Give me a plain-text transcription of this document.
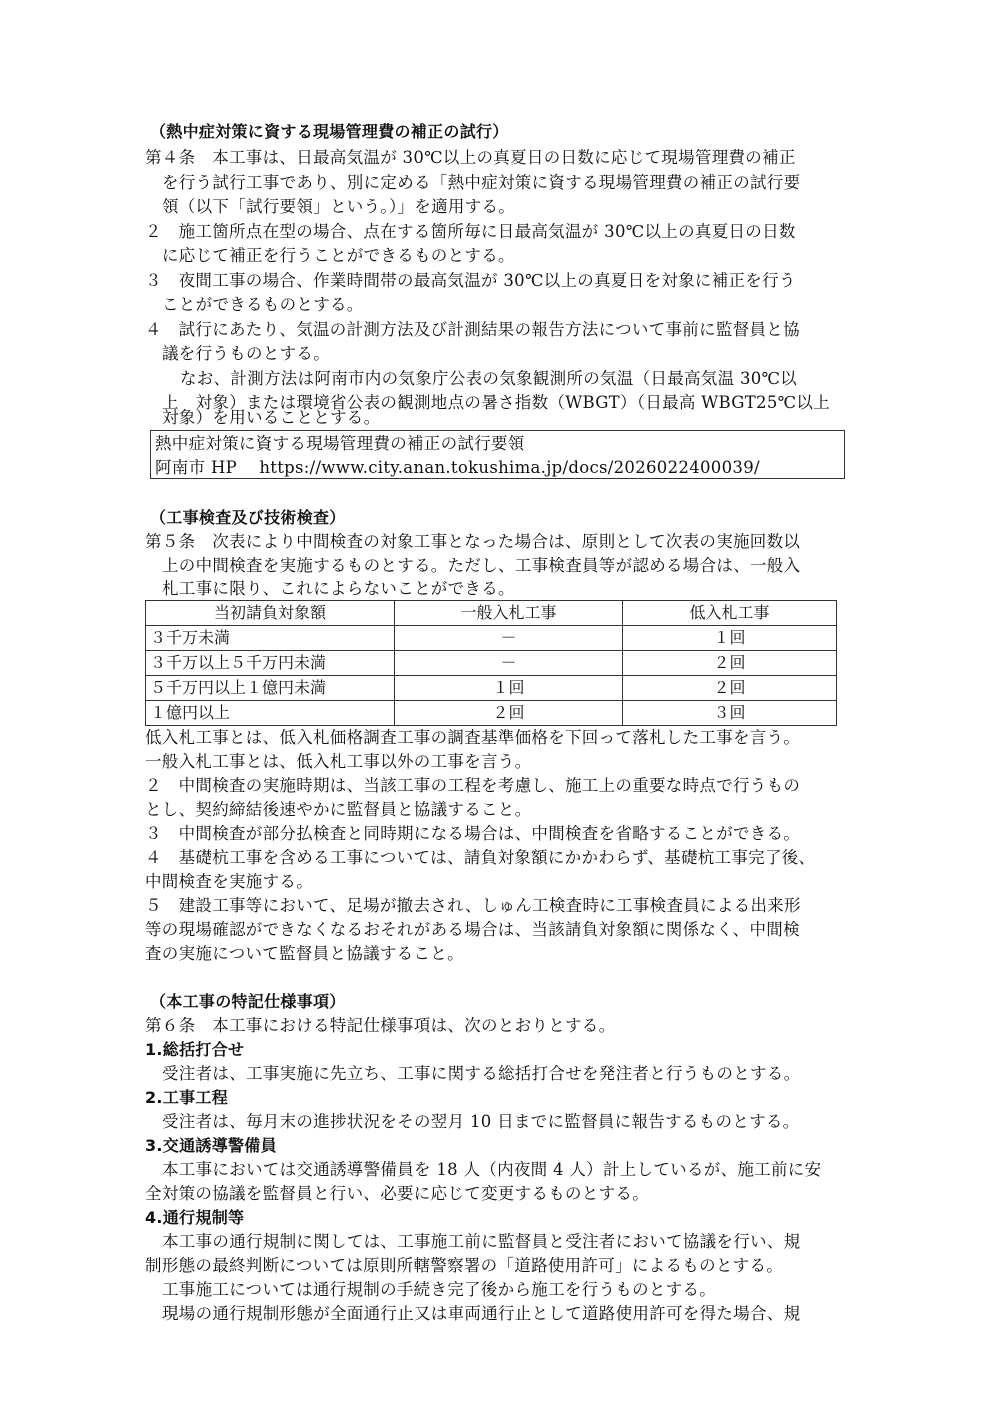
（熱中症対策に資する現場管理費の補正の試行）

第４条　本工事は、日最高気温が 30℃以上の真夏日の日数に応じて現場管理費の補正

を行う試行工事であり、別に定める「熱中症対策に資する現場管理費の補正の試行要

領（以下「試行要領」という。）」を適用する。

２　施工箇所点在型の場合、点在する箇所毎に日最高気温が 30℃以上の真夏日の日数

に応じて補正を行うことができるものとする。

３　夜間工事の場合、作業時間帯の最高気温が 30℃以上の真夏日を対象に補正を行う

ことができるものとする。

４　試行にあたり、気温の計測方法及び計測結果の報告方法について事前に監督員と協

議を行うものとする。

なお、計測方法は阿南市内の気象庁公表の気象観測所の気温（日最高気温 30℃以

上　対象）または環境省公表の観測地点の暑さ指数（WBGT）（日最高 WBGT25℃以上

対象）を用いることとする。

熱中症対策に資する現場管理費の補正の試行要領

阿南市 HP　 https://www.city.anan.tokushima.jp/docs/2026022400039/

（工事検査及び技術検査）

第５条　次表により中間検査の対象工事となった場合は、原則として次表の実施回数以

上の中間検査を実施するものとする。ただし、工事検査員等が認める場合は、一般入

札工事に限り、これによらないことができる。

当初請負対象額	一般入札工事	低入札工事
３千万未満	－	１回
３千万以上５千万円未満	－	２回
５千万円以上１億円未満	１回	２回
１億円以上	２回	３回

低入札工事とは、低入札価格調査工事の調査基準価格を下回って落札した工事を言う。

一般入札工事とは、低入札工事以外の工事を言う。

２　中間検査の実施時期は、当該工事の工程を考慮し、施工上の重要な時点で行うもの

とし、契約締結後速やかに監督員と協議すること。

３　中間検査が部分払検査と同時期になる場合は、中間検査を省略することができる。

４　基礎杭工事を含める工事については、請負対象額にかかわらず、基礎杭工事完了後、

中間検査を実施する。

５　建設工事等において、足場が撤去され、しゅん工検査時に工事検査員による出来形

等の現場確認ができなくなるおそれがある場合は、当該請負対象額に関係なく、中間検

査の実施について監督員と協議すること。

（本工事の特記仕様事項）

第６条　本工事における特記仕様事項は、次のとおりとする。

1.総括打合せ

受注者は、工事実施に先立ち、工事に関する総括打合せを発注者と行うものとする。

2.工事工程

受注者は、毎月末の進捗状況をその翌月 10 日までに監督員に報告するものとする。

3.交通誘導警備員

本工事においては交通誘導警備員を 18 人（内夜間 4 人）計上しているが、施工前に安

全対策の協議を監督員と行い、必要に応じて変更するものとする。

4.通行規制等

本工事の通行規制に関しては、工事施工前に監督員と受注者において協議を行い、規

制形態の最終判断については原則所轄警察署の「道路使用許可」によるものとする。

工事施工については通行規制の手続き完了後から施工を行うものとする。

現場の通行規制形態が全面通行止又は車両通行止として道路使用許可を得た場合、規
